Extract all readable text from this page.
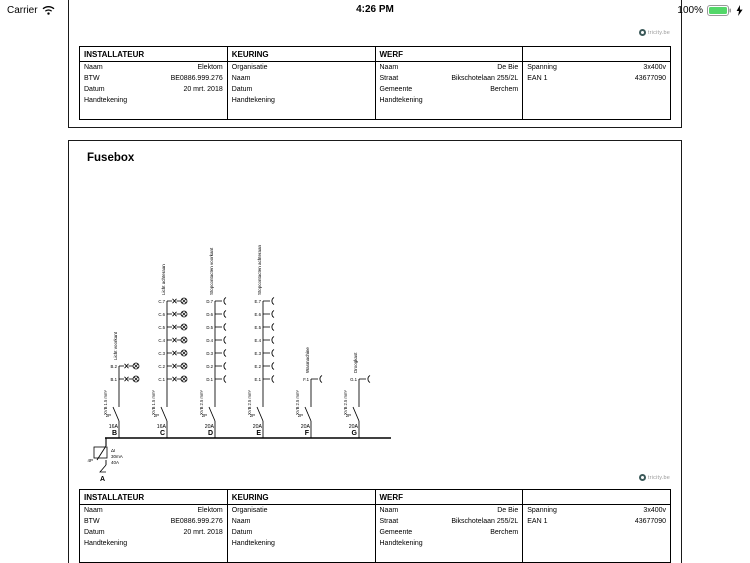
Carrier	4:26 PM	100%
tricity.be
INSTALLATEUR
Naam	Elektom
BTW	BE0886.999.276
Datum	20 mrt. 2018
Handtekening
KEURING
Organisatie
Naam
Datum
Handtekening
WERF
Naam	De Bie
Straat	Bikschotelaan 255/2L
Gemeente	Berchem
Handtekening
Spanning	3x400v
EAN 1	43677090
Fusebox
ΔI
30mA
40A
4P
A
B
16A
2P
XVB 1.5 mm²
Licht voorkant
B.1
B.2
C
16A
2P
XVB 1.5 mm²
Licht achteraan
C.1
C.2
C.3
C.4
C.5
C.6
C.7
D
20A
2P
XVB 2.5 mm²
Stopcontacten voorkant
D.1
D.2
D.3
D.4
D.5
D.6
D.7
E
20A
2P
XVB 2.5 mm²
Stopcontacten achteraan
E.1
E.2
E.3
E.4
E.5
E.6
E.7
F
20A
2P
XVB 2.5 mm²
Wasmachine
F.1
G
20A
2P
XVB 2.5 mm²
Droogkast
G.1
tricity.be
INSTALLATEUR
Naam	Elektom
BTW	BE0886.999.276
Datum	20 mrt. 2018
Handtekening
KEURING
Organisatie
Naam
Datum
Handtekening
WERF
Naam	De Bie
Straat	Bikschotelaan 255/2L
Gemeente	Berchem
Handtekening
Spanning	3x400v
EAN 1	43677090
